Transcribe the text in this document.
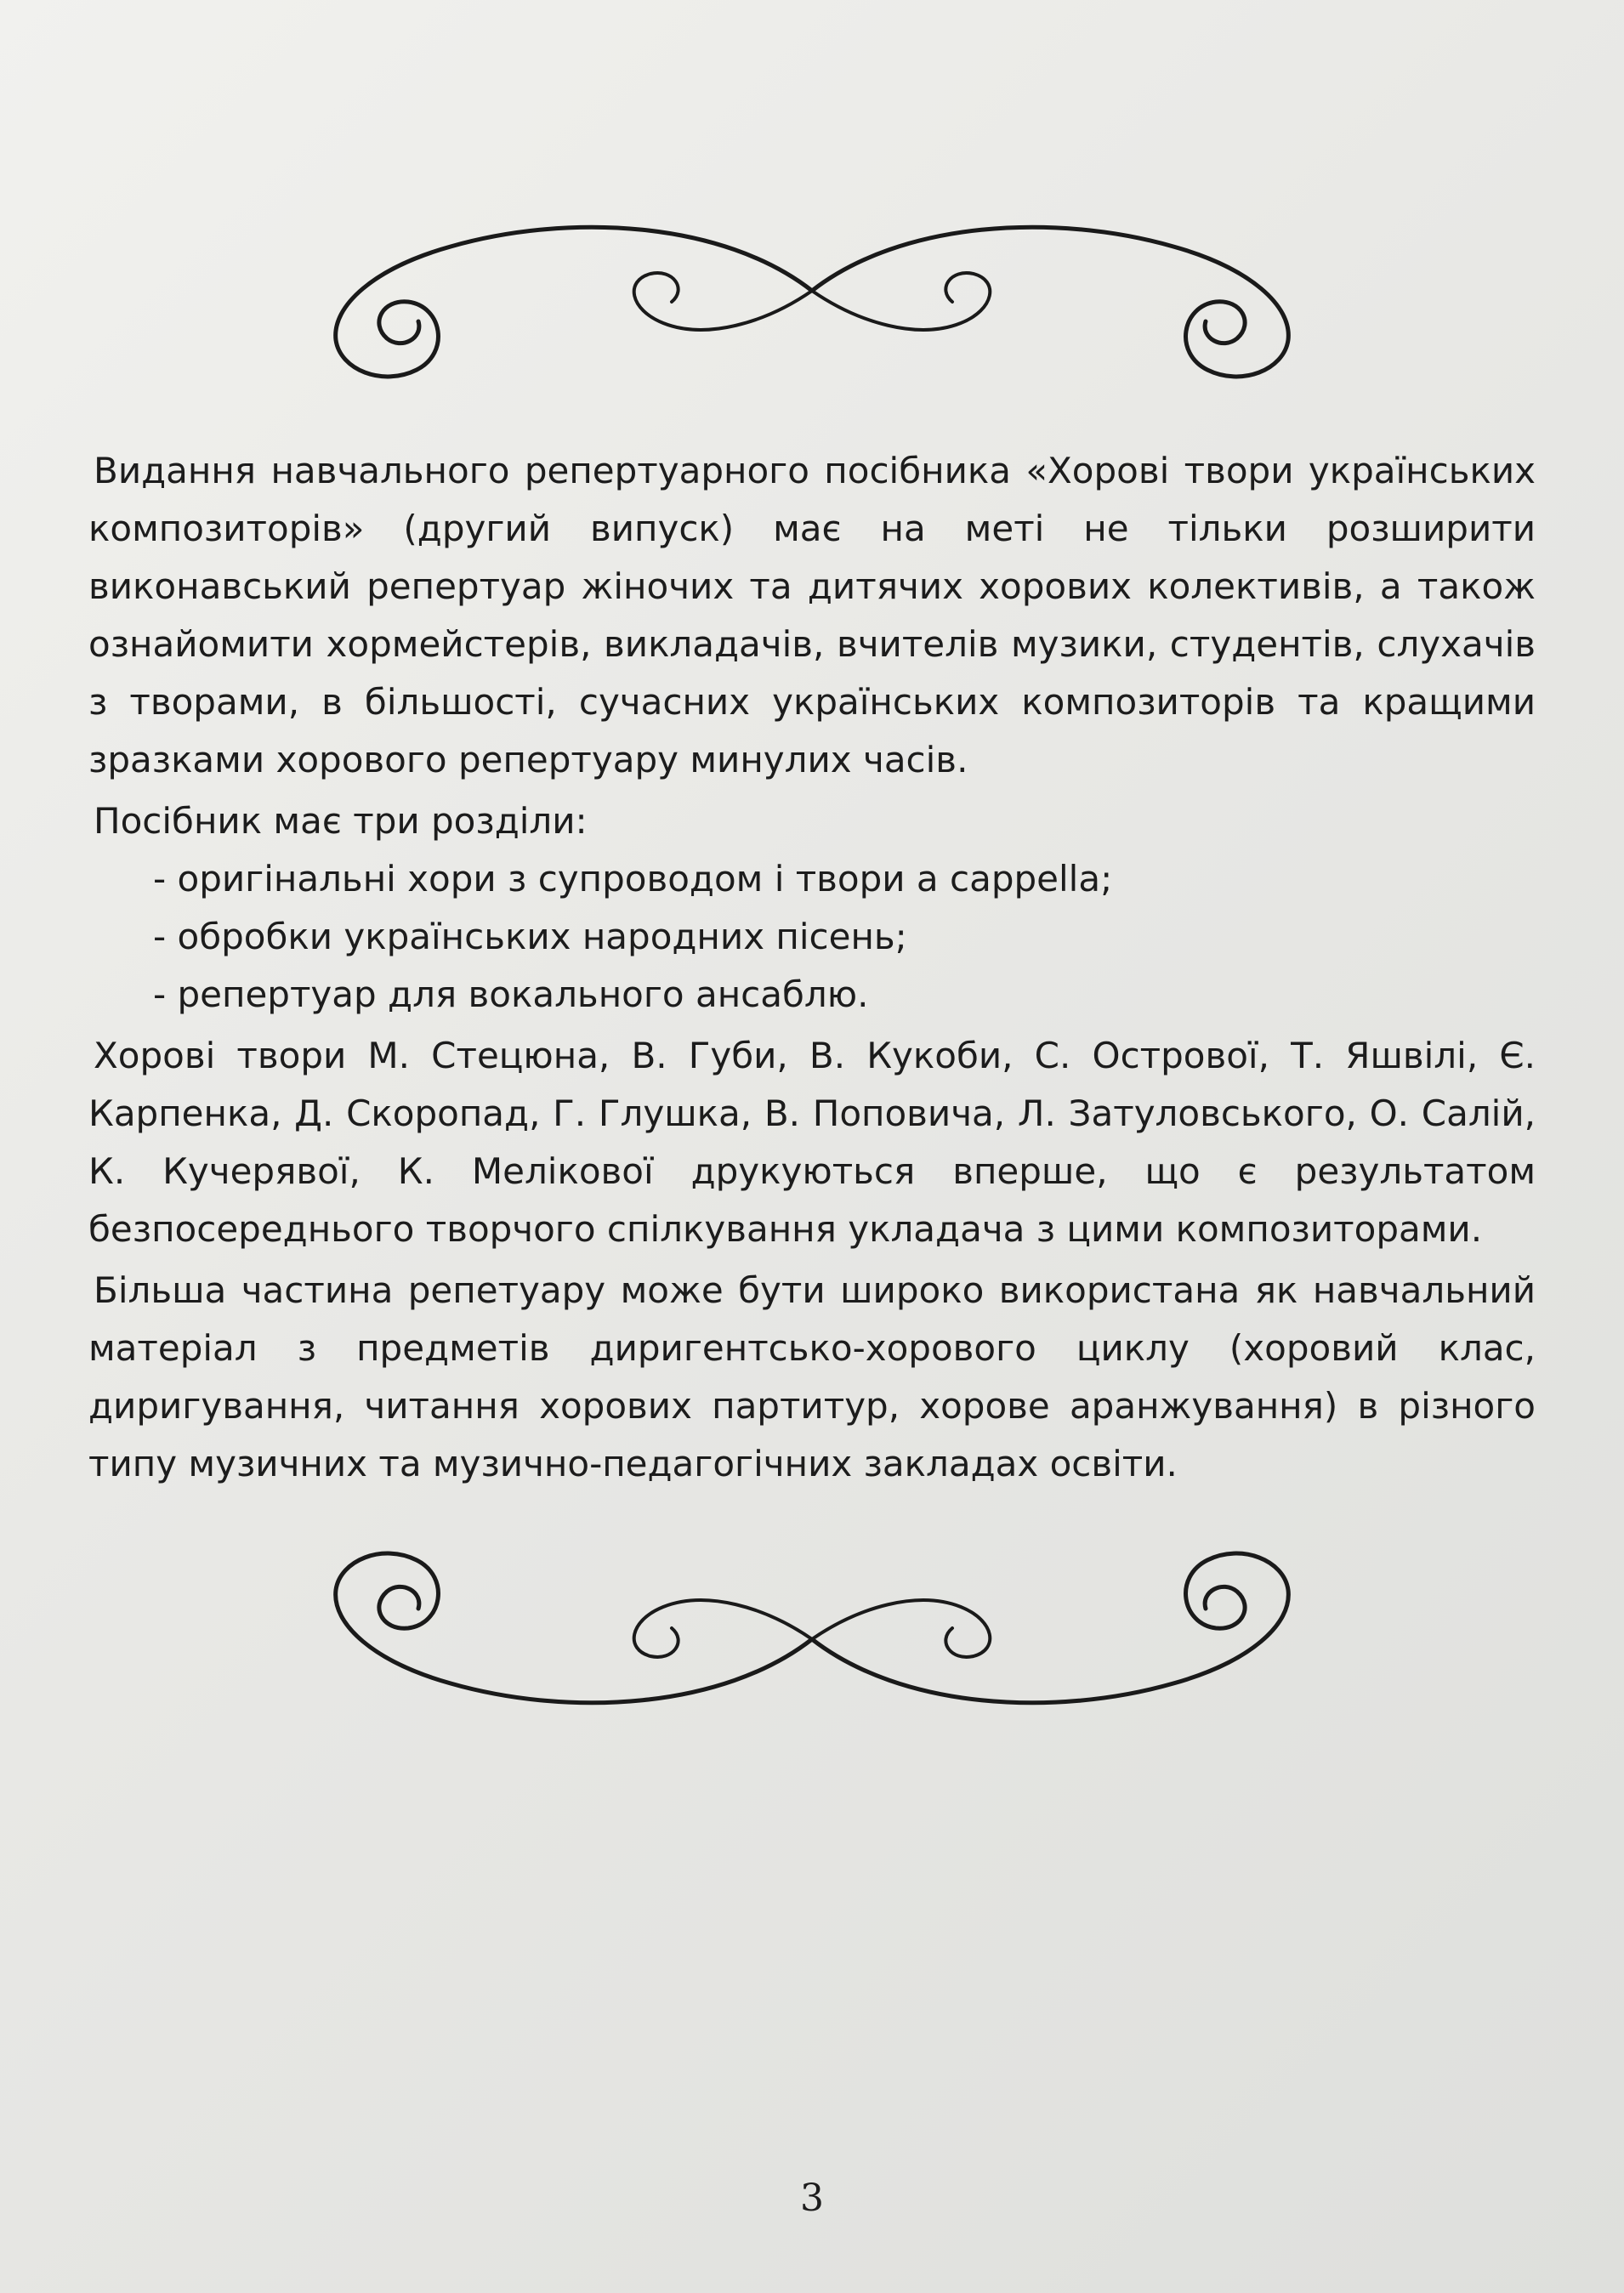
Видання навчального репертуарного посібника «Хорові твори українських композиторів» (другий випуск) має на меті не тільки розширити виконавський репертуар жіночих та дитячих хорових колективів, а також ознайомити хормейстерів, викладачів, вчителів музики, студентів, слухачів з творами, в більшості, сучасних українських композиторів та кращими зразками хорового репертуару минулих часів.

Посібник має три розділи:

- оригінальні хори з супроводом і твори a cappella;
- обробки українських народних пісень;
- репертуар для вокального ансаблю.

Хорові твори М. Стецюна, В. Губи, В. Кукоби, С. Острової, Т. Яшвілі, Є. Карпенка, Д. Скоропад, Г. Глушка, В. Поповича, Л. Затуловського, О. Салій, К. Кучерявої, К. Мелікової друкуються вперше, що є результатом безпосереднього творчого спілкування укладача з цими композиторами.

Більша частина репетуару може бути широко використана як навчальний матеріал з предметів диригентсько-хорового циклу (хоровий клас, диригування, читання хорових партитур, хорове аранжування) в різного типу музичних та музично-педагогічних закладах освіти.

3
